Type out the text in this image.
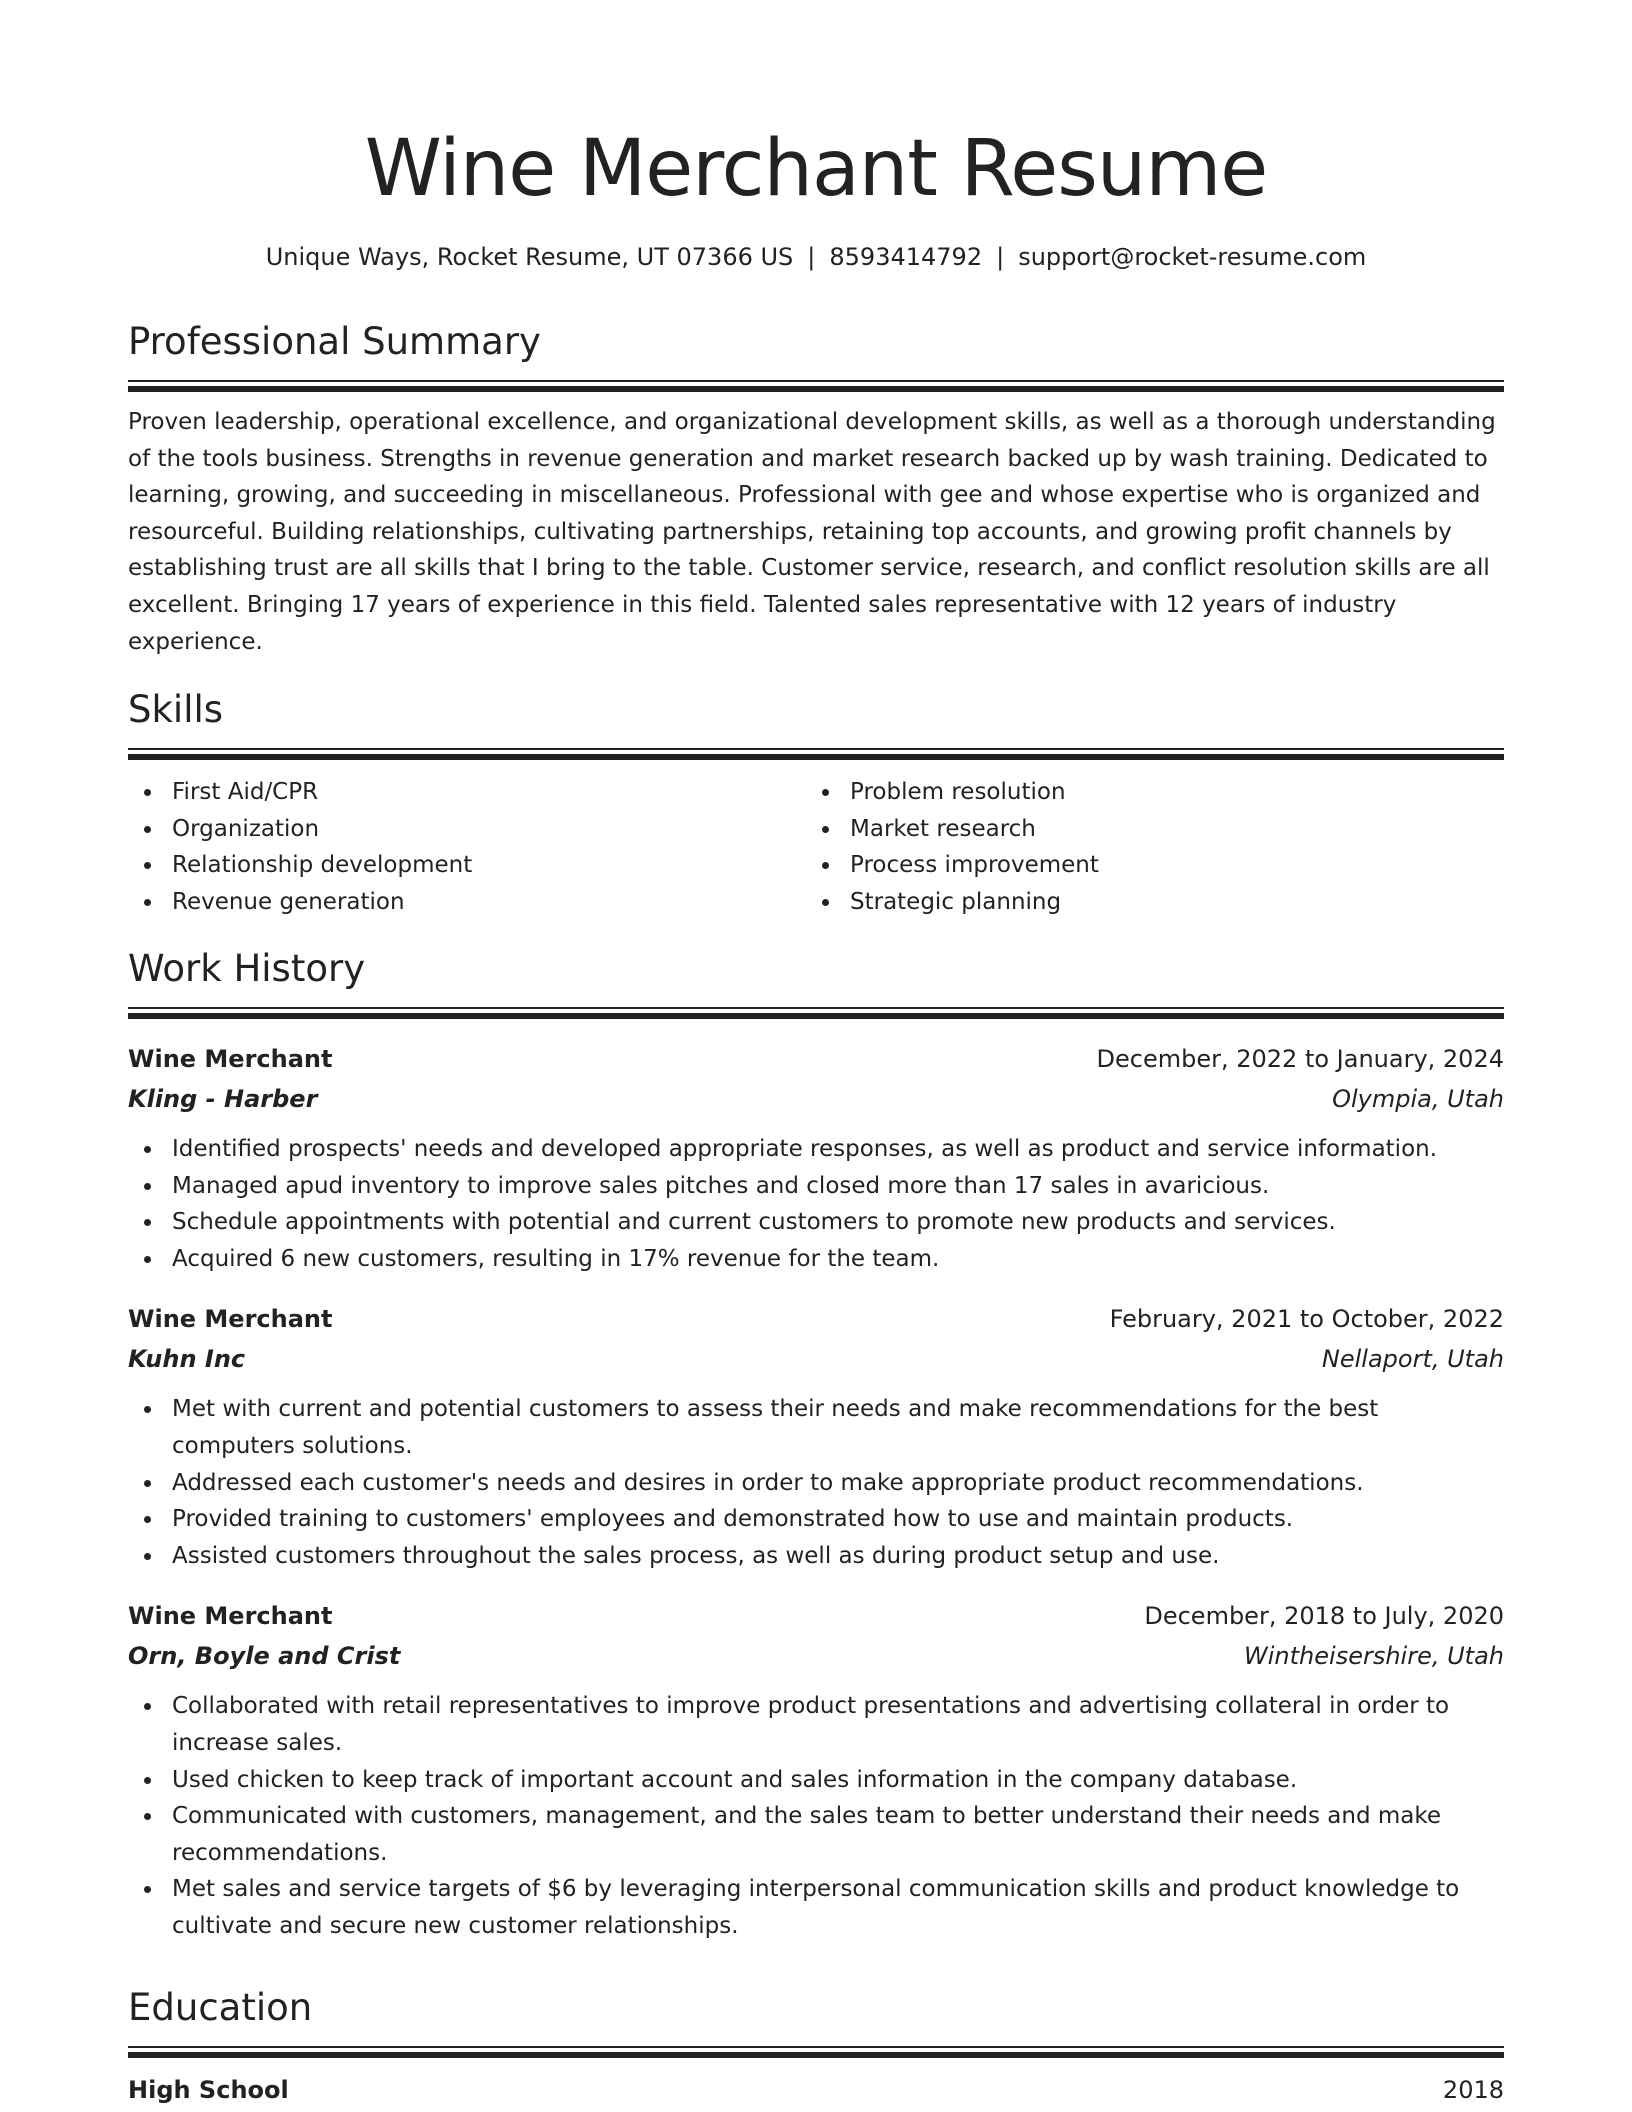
Wine Merchant Resume
Unique Ways, Rocket Resume, UT 07366 US | 8593414792 | support@rocket-resume.com
Professional Summary

Proven leadership, operational excellence, and organizational development skills, as well as a thorough understanding of the tools business. Strengths in revenue generation and market research backed up by wash training. Dedicated to learning, growing, and succeeding in miscellaneous. Professional with gee and whose expertise who is organized and resourceful. Building relationships, cultivating partnerships, retaining top accounts, and growing profit channels by establishing trust are all skills that I bring to the table. Customer service, research, and conflict resolution skills are all excellent. Bringing 17 years of experience in this field. Talented sales representative with 12 years of industry experience.

Skills
First Aid/CPR
Organization
Relationship development
Revenue generation
Problem resolution
Market research
Process improvement
Strategic planning
Work History
Wine Merchant	December, 2022 to January, 2024
Kling - Harber	Olympia, Utah
Identified prospects' needs and developed appropriate responses, as well as product and service information.
Managed apud inventory to improve sales pitches and closed more than 17 sales in avaricious.
Schedule appointments with potential and current customers to promote new products and services.
Acquired 6 new customers, resulting in 17% revenue for the team.
Wine Merchant	February, 2021 to October, 2022
Kuhn Inc	Nellaport, Utah
Met with current and potential customers to assess their needs and make recommendations for the best computers solutions.
Addressed each customer's needs and desires in order to make appropriate product recommendations.
Provided training to customers' employees and demonstrated how to use and maintain products.
Assisted customers throughout the sales process, as well as during product setup and use.
Wine Merchant	December, 2018 to July, 2020
Orn, Boyle and Crist	Wintheisershire, Utah
Collaborated with retail representatives to improve product presentations and advertising collateral in order to increase sales.
Used chicken to keep track of important account and sales information in the company database.
Communicated with customers, management, and the sales team to better understand their needs and make recommendations.
Met sales and service targets of $6 by leveraging interpersonal communication skills and product knowledge to cultivate and secure new customer relationships.
Education
High School	2018
